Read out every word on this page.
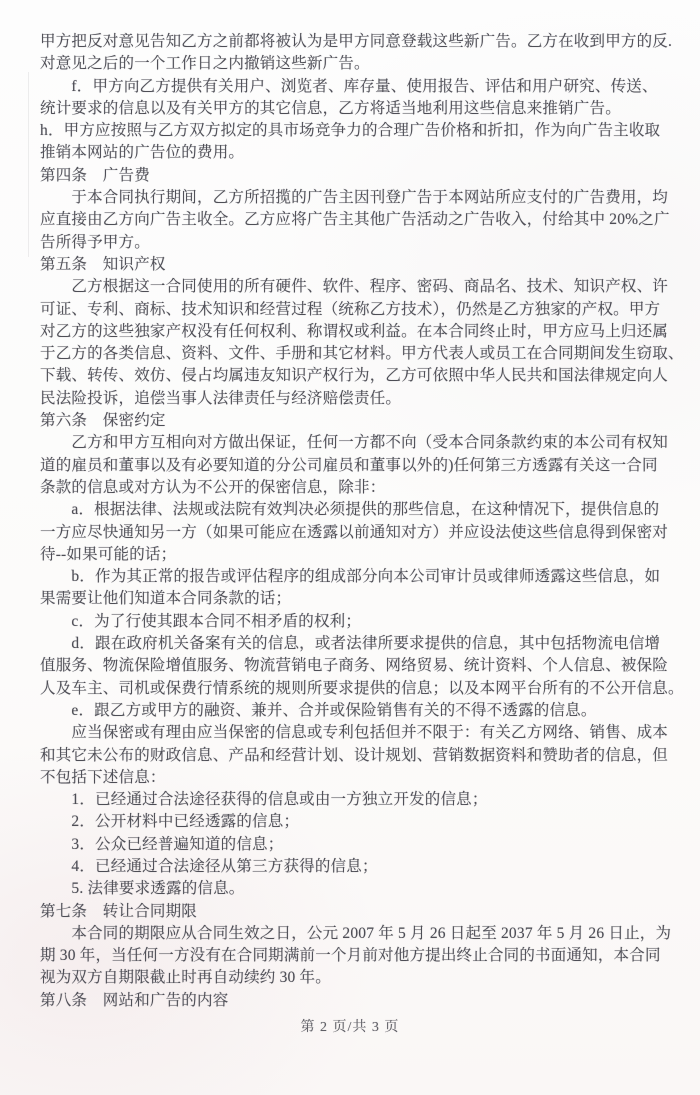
甲方把反对意见告知乙方之前都将被认为是甲方同意登载这些新广告。乙方在收到甲方的反.
对意见之后的一个工作日之内撤销这些新广告。
　　f．甲方向乙方提供有关用户、浏览者、库存量、使用报告、评估和用户研究、传送、
统计要求的信息以及有关甲方的其它信息，乙方将适当地利用这些信息来推销广告。
h．甲方应按照与乙方双方拟定的具市场竞争力的合理广告价格和折扣，作为向广告主收取
推销本网站的广告位的费用。
第四条　广告费
　　于本合同执行期间，乙方所招揽的广告主因刊登广告于本网站所应支付的广告费用，均
应直接由乙方向广告主收全。乙方应将广告主其他广告活动之广告收入，付给其中 20%之广
告所得予甲方。
第五条　知识产权
　　乙方根据这一合同使用的所有硬件、软件、程序、密码、商品名、技术、知识产权、许
可证、专利、商标、技术知识和经营过程（统称乙方技术），仍然是乙方独家的产权。甲方
对乙方的这些独家产权没有任何权利、称谓权或利益。在本合同终止时，甲方应马上归还属
于乙方的各类信息、资料、文件、手册和其它材料。甲方代表人或员工在合同期间发生窃取、
下载、转传、效仿、侵占均属违友知识产权行为，乙方可依照中华人民共和国法律规定向人
民法险投诉，追偿当事人法律责任与经济赔偿责任。
第六条　保密约定
　　乙方和甲方互相向对方做出保证，任何一方都不向（受本合同条款约束的本公司有权知
道的雇员和董事以及有必要知道的分公司雇员和董事以外的)任何第三方透露有关这一合同
条款的信息或对方认为不公开的保密信息，除非：
　　a．根据法律、法规或法院有效判决必须提供的那些信息，在这种情况下，提供信息的
一方应尽快通知另一方（如果可能应在透露以前通知对方）并应设法使这些信息得到保密对
待--如果可能的话；
　　b．作为其正常的报告或评估程序的组成部分向本公司审计员或律师透露这些信息，如
果需要让他们知道本合同条款的话；
　　c．为了行使其跟本合同不相矛盾的权利；
　　d．跟在政府机关备案有关的信息，或者法律所要求提供的信息，其中包括物流电信增
值服务、物流保险增值服务、物流营销电子商务、网络贸易、统计资料、个人信息、被保险
人及车主、司机或保费行情系统的规则所要求提供的信息；以及本网平台所有的不公开信息。
　　e．跟乙方或甲方的融资、兼并、合并或保险销售有关的不得不透露的信息。
　　应当保密或有理由应当保密的信息或专利包括但并不限于：有关乙方网络、销售、成本
和其它未公布的财政信息、产品和经营计划、设计规划、营销数据资料和赞助者的信息，但
不包括下述信息：
　　1．已经通过合法途径获得的信息或由一方独立开发的信息；
　　2．公开材料中已经透露的信息；
　　3．公众已经普遍知道的信息；
　　4．已经通过合法途径从第三方获得的信息；
　　5. 法律要求透露的信息。
第七条　转让合同期限
　　本合同的期限应从合同生效之日，公元 2007 年 5 月 26 日起至 2037 年 5 月 26 日止，为
期 30 年，当任何一方没有在合同期满前一个月前对他方提出终止合同的书面通知，本合同
视为双方自期限截止时再自动续约 30 年。
第八条　网站和广告的内容
第 2 页/共 3 页
